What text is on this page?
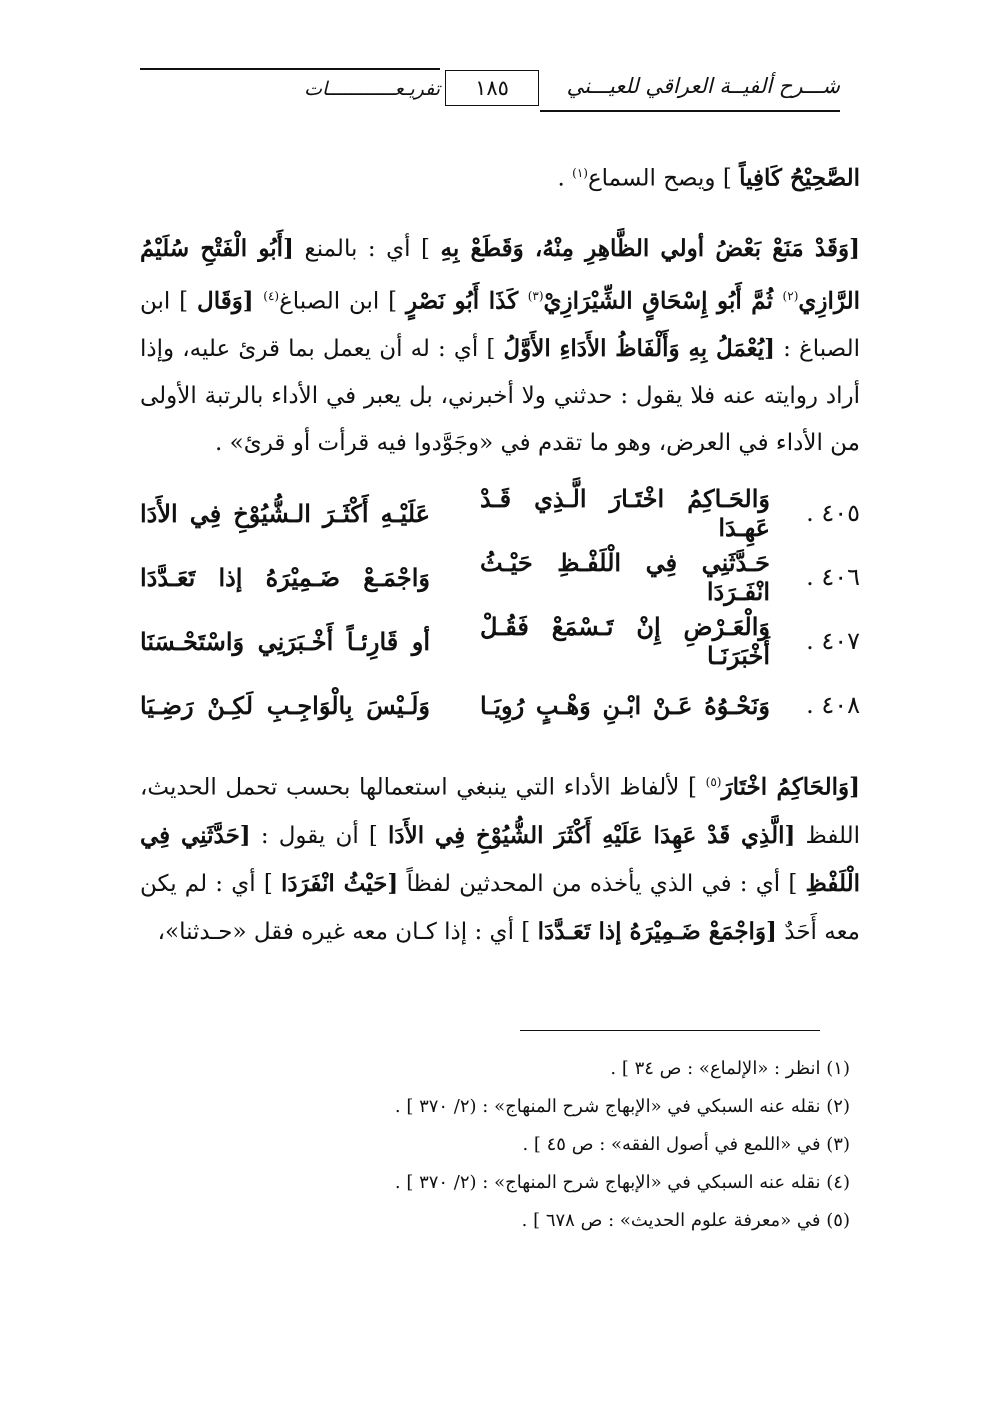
شـــرح ألفيــة العراقي للعيـــني
١٨٥
تفريـعــــــــــــات

الصَّحِيْحُ كَافِياً ] ويصح السماع$^{(١)}$ .

[وَقَدْ مَنَعْ بَعْضُ أولي الظَّاهِرِ مِنْهُ، وَقَطَعْ بِهِ ] أي : بالمنع [أَبُو الْفَتْحِ سُلَيْمُ الرَّازِي$^{(٢)}$ ثُمَّ أَبُو إِسْحَاقٍ الشِّيْرَازِيْ$^{(٣)}$ كَذَا أَبُو نَصْرٍ ] ابن الصباغ$^{(٤)}$ [وَقَال ] ابن الصباغ : [يُعْمَلُ بِهِ وَأَلْفَاظُ الأَدَاءِ الأَوَّلُ ] أي : له أن يعمل بما قرئ عليه، وإذا أراد روايته عنه فلا يقول : حدثني ولا أخبرني، بل يعبر في الأداء بالرتبة الأولى من الأداء في العرض، وهو ما تقدم في «وجَوَّدوا فيه قرأت أو قرئ» .

٤٠٥ .
وَالحَـاكِمُ اخْتَـارَ الَّـذِي قَـدْ عَهِـدَا
عَلَيْـهِ أَكْثَـرَ الـشُّيُوْخِ فِي الأَدَا
٤٠٦ .
حَـدَّثَنِي فِي الْلَفْـظِ حَيْـثُ انْفَـرَدَا
وَاجْمَـعْ ضَـمِيْرَهُ إذا تَعَـدَّدَا
٤٠٧ .
وَالْعَـرْضِ إِنْ تَـسْمَعْ فَقُـلْ أَخْبَرَنَـا
أو قَارِئـاً أَخْـبَرَنِي وَاسْتَحْـسَنَا
٤٠٨ .
وَنَحْـوُهُ عَـنْ ابْـنِ وَهْـبٍ رُوِيَـا
وَلَـيْسَ بِالْوَاجِـبِ لَكِـنْ رَضِـيَا

[وَالحَاكِمُ اخْتَارَ$^{(٥)}$ ] لألفاظ الأداء التي ينبغي استعمالها بحسب تحمل الحديث، اللفظ [الَّذِي قَدْ عَهِدَا عَلَيْهِ أَكْثَرَ الشُّيُوْخِ فِي الأَدَا ] أن يقول : [حَدَّثَنِي فِي الْلَفْظِ ] أي : في الذي يأخذه من المحدثين لفظاً [حَيْثُ انْفَرَدَا ] أي : لم يكن معه أَحَدٌ [وَاجْمَعْ ضَـمِيْرَهُ إذا تَعَـدَّدَا ] أي : إذا كـان معه غيره فقل «حـدثنا»،

(١) انظر : «الإلماع» : ص ٣٤ ] .
(٢) نقله عنه السبكي في «الإبهاج شرح المنهاج» : (٢/ ٣٧٠ ] .
(٣) في «اللمع في أصول الفقه» : ص ٤٥ ] .
(٤) نقله عنه السبكي في «الإبهاج شرح المنهاج» : (٢/ ٣٧٠ ] .
(٥) في «معرفة علوم الحديث» : ص ٦٧٨ ] .
